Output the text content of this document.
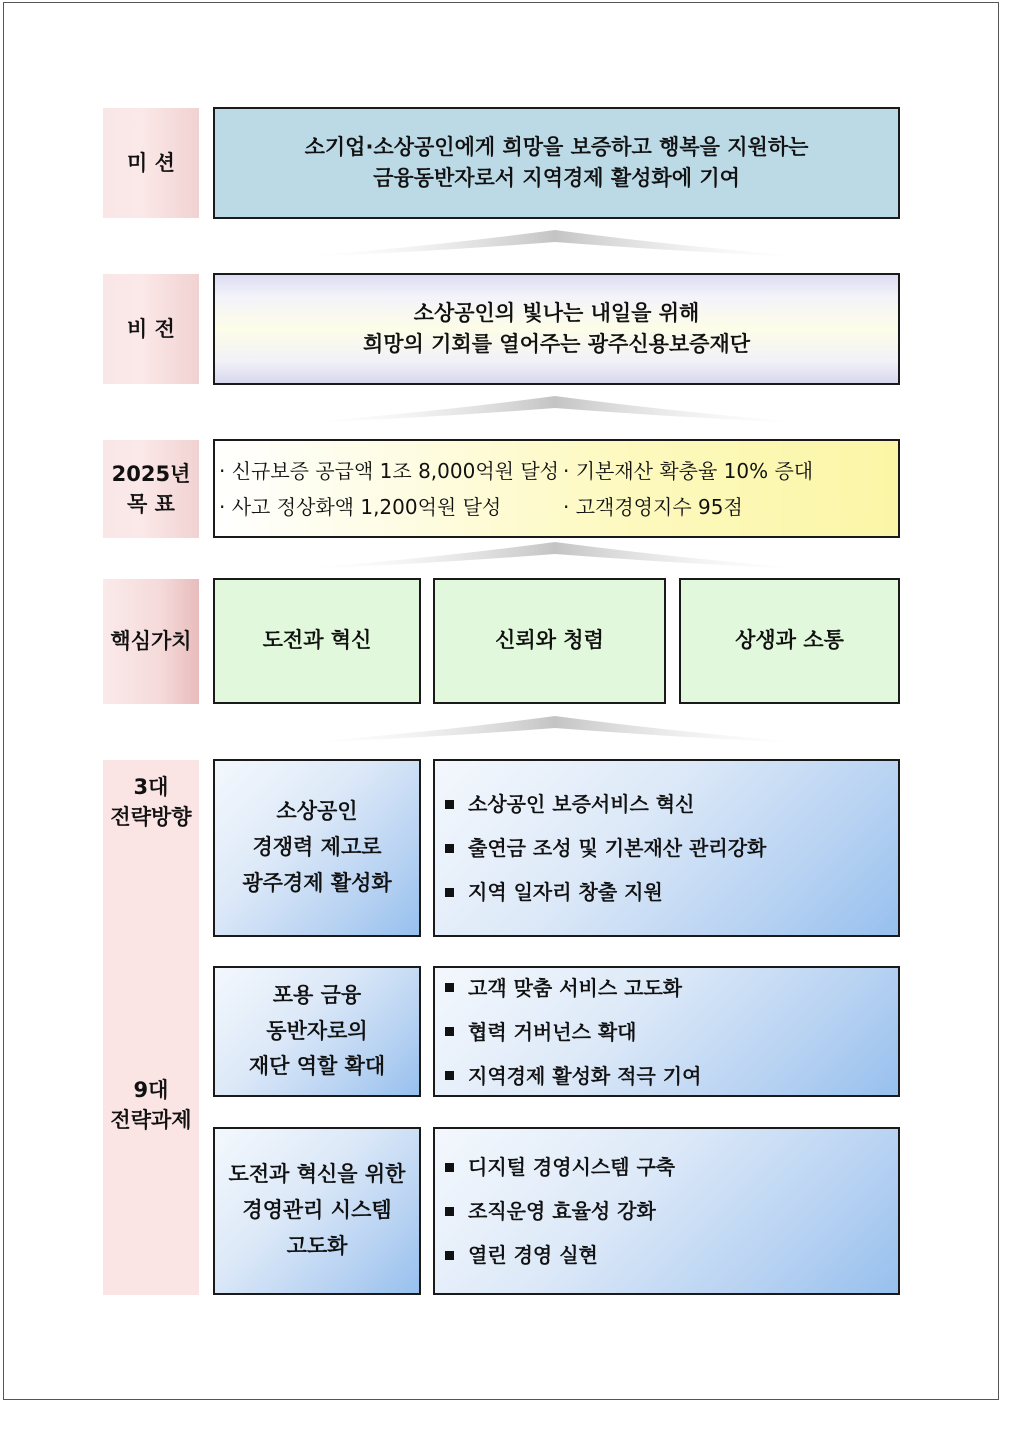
미 션
소기업·소상공인에게 희망을 보증하고 행복을 지원하는
금융동반자로서 지역경제 활성화에 기여
비 전
소상공인의 빛나는 내일을 위해
희망의 기회를 열어주는 광주신용보증재단
2025년
목 표
· 신규보증 공급액 1조 8,000억원 달성
· 사고 정상화액 1,200억원 달성
· 기본재산 확충율 10% 증대
· 고객경영지수 95점
핵심가치	도전과 혁신	신뢰와 청렴	상생과 소통
3대
전략방향
9대
전략과제
소상공인
경쟁력 제고로
광주경제 활성화
소상공인 보증서비스 혁신
출연금 조성 및 기본재산 관리강화
지역 일자리 창출 지원
포용 금융
동반자로의
재단 역할 확대
고객 맞춤 서비스 고도화
협력 거버넌스 확대
지역경제 활성화 적극 기여
도전과 혁신을 위한
경영관리 시스템
고도화
디지털 경영시스템 구축
조직운영 효율성 강화
열린 경영 실현
